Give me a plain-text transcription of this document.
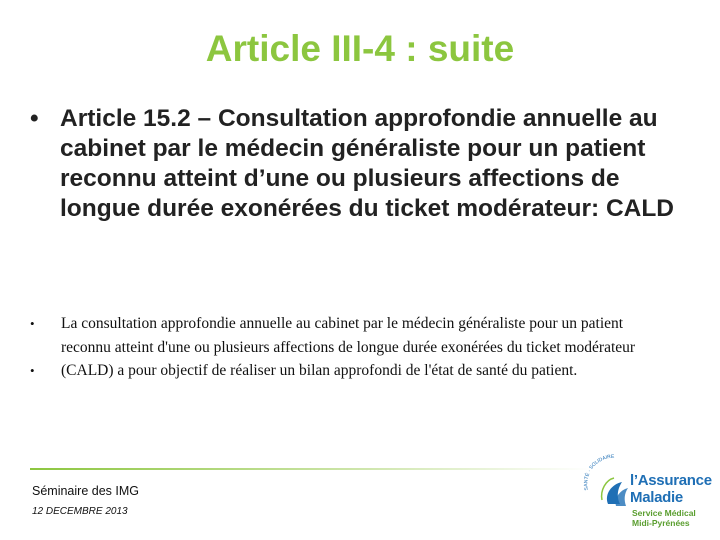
Article III-4 : suite
• Article 15.2 – Consultation approfondie annuelle au cabinet par le médecin généraliste pour un patient reconnu atteint d’une ou plusieurs affections de longue durée exonérées du ticket modérateur: CALD
•
•
La consultation approfondie annuelle au cabinet par le médecin généraliste pour un patient reconnu atteint d'une ou plusieurs affections de longue durée exonérées du ticket modérateur (CALD) a pour objectif de réaliser un bilan approfondi de l'état de santé du patient.
Séminaire des IMG
12 DECEMBRE 2013
SANTÉ · SOLIDAIRE
l’Assurance
Maladie
Service Médical
Midi-Pyrénées
